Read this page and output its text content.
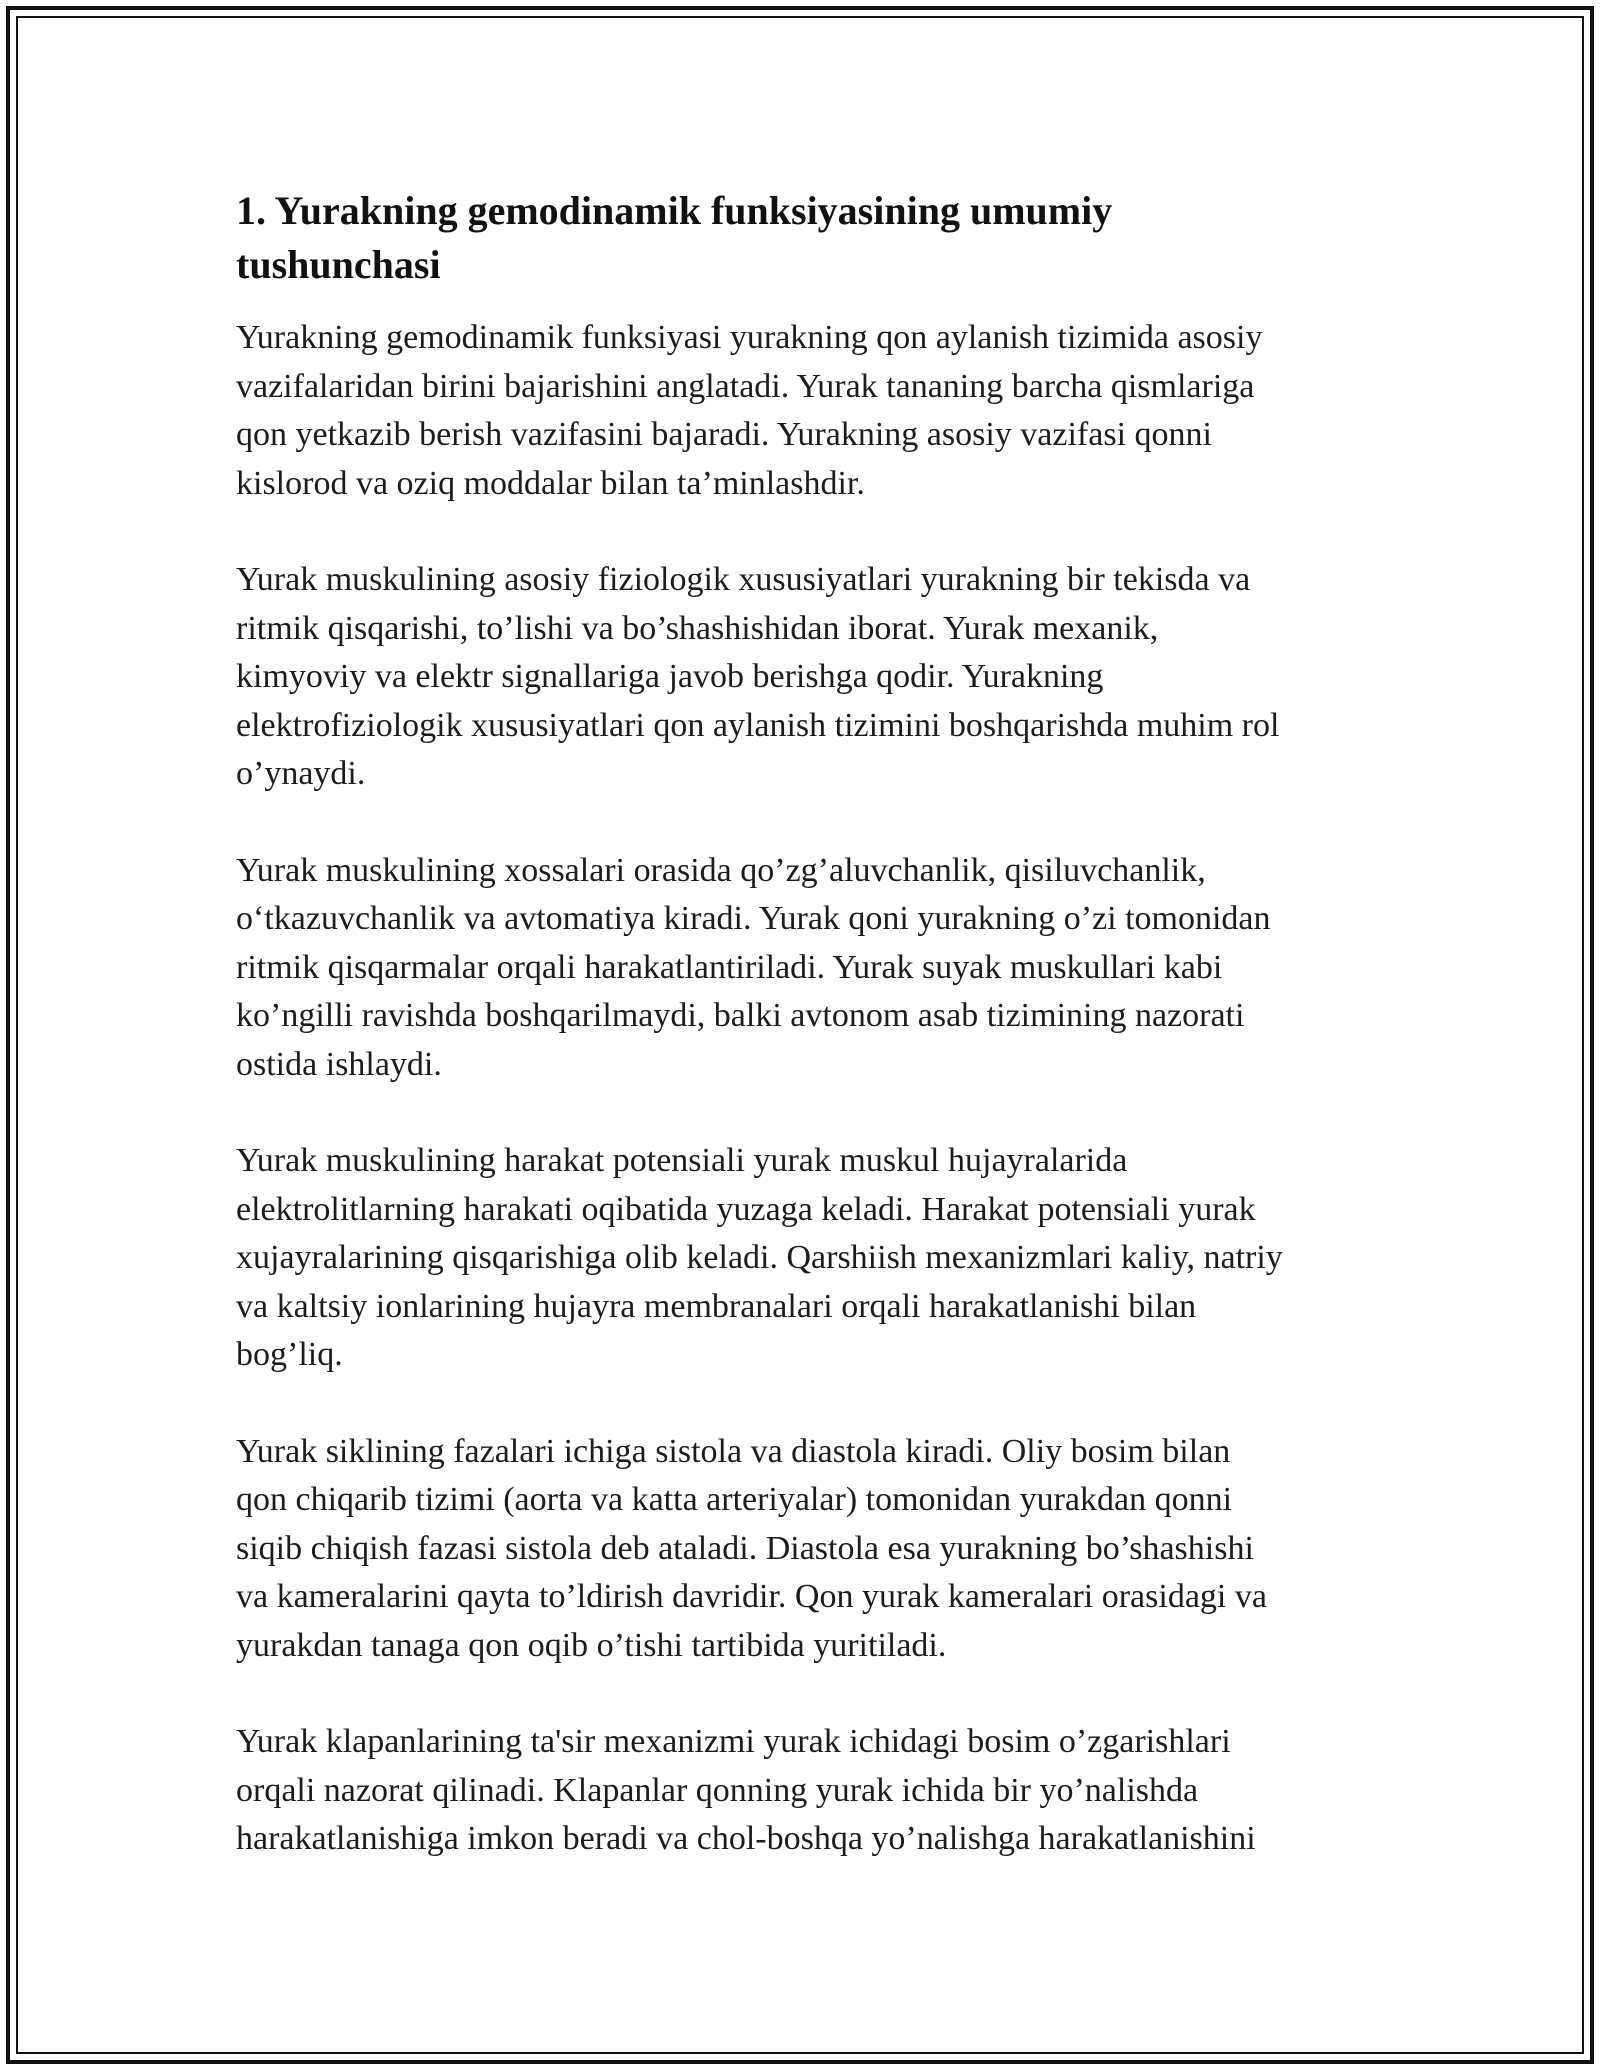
1. Yurakning gemodinamik funksiyasining umumiy
tushunchasi

Yurakning gemodinamik funksiyasi yurakning qon aylanish tizimida asosiy
vazifalaridan birini bajarishini anglatadi. Yurak tananing barcha qismlariga
qon yetkazib berish vazifasini bajaradi. Yurakning asosiy vazifasi qonni
kislorod va oziq moddalar bilan ta’minlashdir.

Yurak muskulining asosiy fiziologik xususiyatlari yurakning bir tekisda va
ritmik qisqarishi, to’lishi va bo’shashishidan iborat. Yurak mexanik,
kimyoviy va elektr signallariga javob berishga qodir. Yurakning
elektrofiziologik xususiyatlari qon aylanish tizimini boshqarishda muhim rol
o’ynaydi.

Yurak muskulining xossalari orasida qo’zg’aluvchanlik, qisiluvchanlik,
o‘tkazuvchanlik va avtomatiya kiradi. Yurak qoni yurakning o’zi tomonidan
ritmik qisqarmalar orqali harakatlantiriladi. Yurak suyak muskullari kabi
ko’ngilli ravishda boshqarilmaydi, balki avtonom asab tizimining nazorati
ostida ishlaydi.

Yurak muskulining harakat potensiali yurak muskul hujayralarida
elektrolitlarning harakati oqibatida yuzaga keladi. Harakat potensiali yurak
xujayralarining qisqarishiga olib keladi. Qarshiish mexanizmlari kaliy, natriy
va kaltsiy ionlarining hujayra membranalari orqali harakatlanishi bilan
bog’liq.

Yurak siklining fazalari ichiga sistola va diastola kiradi. Oliy bosim bilan
qon chiqarib tizimi (aorta va katta arteriyalar) tomonidan yurakdan qonni
siqib chiqish fazasi sistola deb ataladi. Diastola esa yurakning bo’shashishi
va kameralarini qayta to’ldirish davridir. Qon yurak kameralari orasidagi va
yurakdan tanaga qon oqib o’tishi tartibida yuritiladi.

Yurak klapanlarining ta'sir mexanizmi yurak ichidagi bosim o’zgarishlari
orqali nazorat qilinadi. Klapanlar qonning yurak ichida bir yo’nalishda
harakatlanishiga imkon beradi va chol-boshqa yo’nalishga harakatlanishini
